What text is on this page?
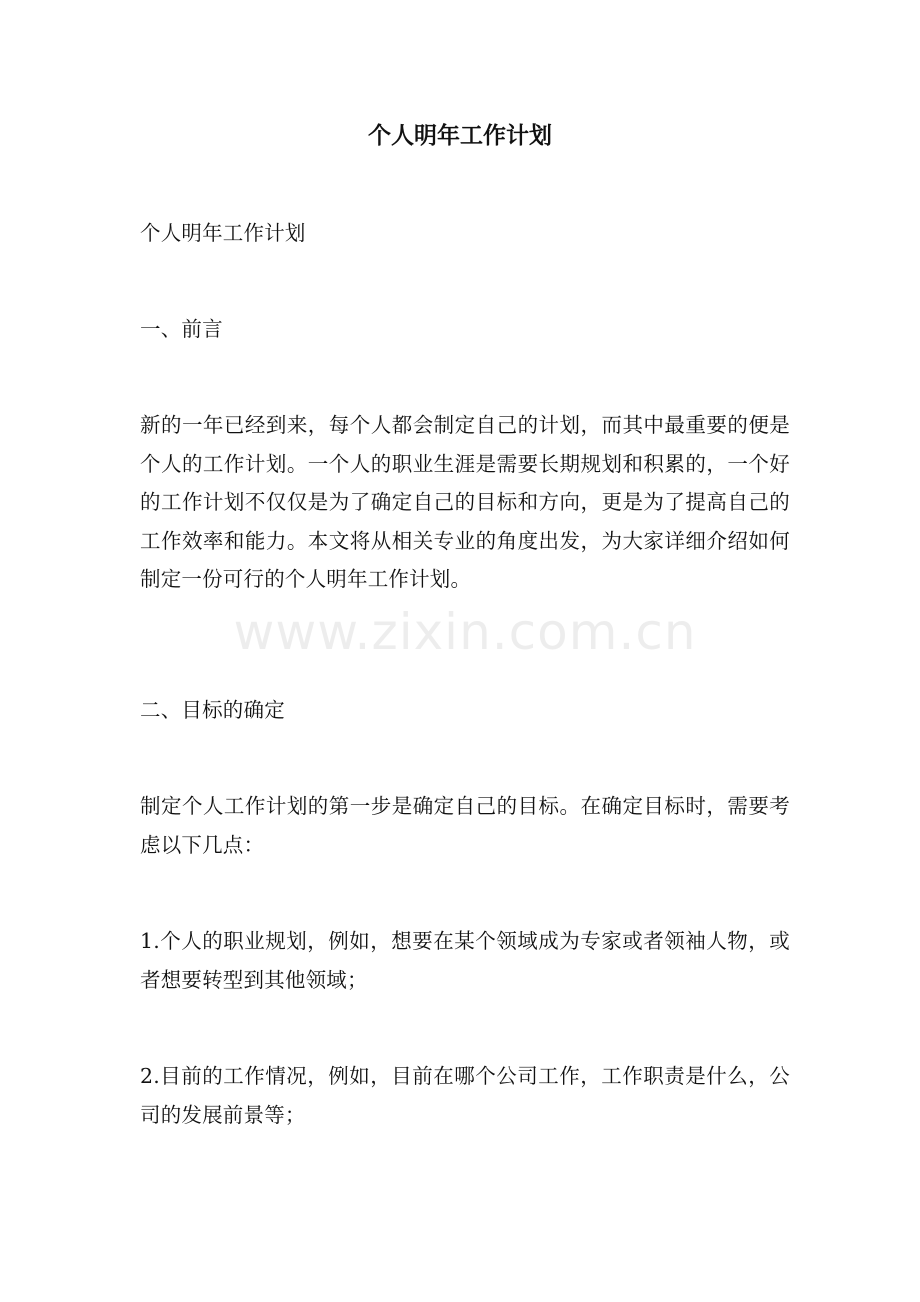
个人明年工作计划

个人明年工作计划

一、前言

新的一年已经到来，每个人都会制定自己的计划，而其中最重要的便是个人的工作计划。一个人的职业生涯是需要长期规划和积累的，一个好的工作计划不仅仅是为了确定自己的目标和方向，更是为了提高自己的工作效率和能力。本文将从相关专业的角度出发，为大家详细介绍如何制定一份可行的个人明年工作计划。

二、目标的确定

制定个人工作计划的第一步是确定自己的目标。在确定目标时，需要考虑以下几点：

1.个人的职业规划，例如，想要在某个领域成为专家或者领袖人物，或者想要转型到其他领域；

2.目前的工作情况，例如，目前在哪个公司工作，工作职责是什么，公司的发展前景等；

www.zixin.com.cn
